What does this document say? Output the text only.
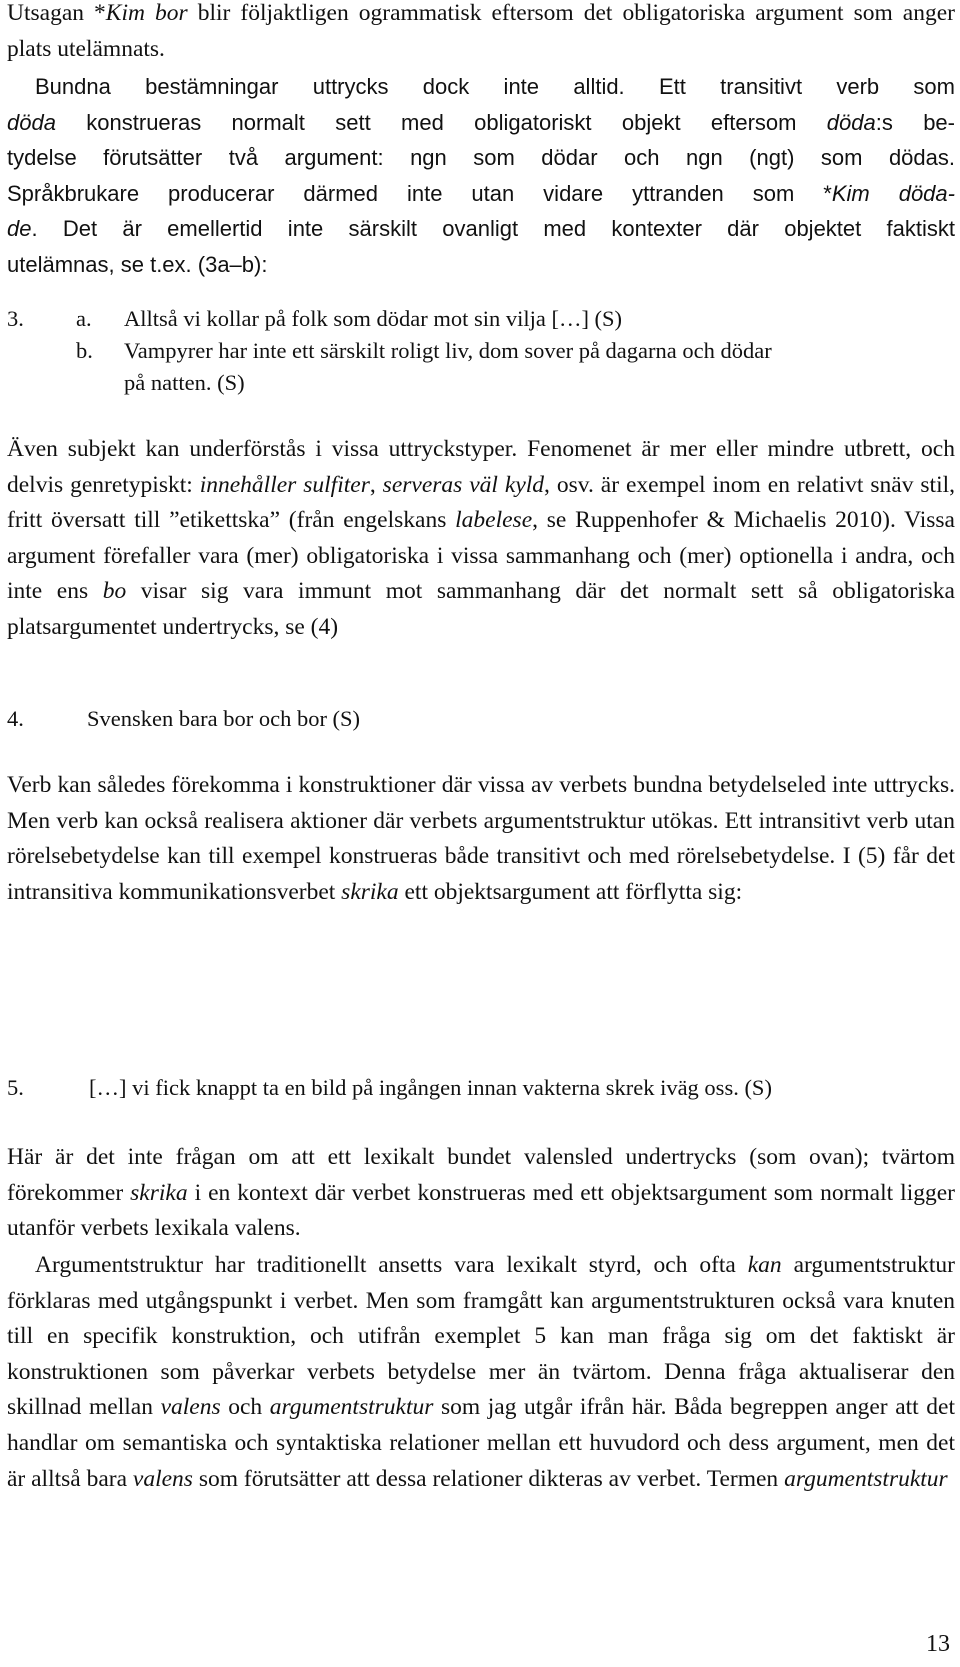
Utsagan *Kim bor blir följaktligen ogrammatisk eftersom det obligatoriska argument som anger plats utelämnats.

Bundna bestämningar uttrycks dock inte alltid. Ett transitivt verb som
döda konstrueras normalt sett med obligatoriskt objekt eftersom döda:s be-
tydelse förutsätter två argument: ngn som dödar och ngn (ngt) som dödas.
Språkbrukare producerar därmed inte utan vidare yttranden som *Kim döda-
de. Det är emellertid inte särskilt ovanligt med kontexter där objektet faktiskt
utelämnas, se t.ex. (3a–b):
3. a. Alltså vi kollar på folk som dödar mot sin vilja […] (S)
b. Vampyrer har inte ett särskilt roligt liv, dom sover på dagarna och dödar
på natten. (S)

Även subjekt kan underförstås i vissa uttryckstyper. Fenomenet är mer eller mindre utbrett, och delvis genretypiskt: innehåller sulfiter, serveras väl kyld, osv. är exempel inom en relativt snäv stil, fritt översatt till ”etikettska” (från engelskans labelese, se Ruppenhofer & Michaelis 2010). Vissa argument förefaller vara (mer) obligatoriska i vissa sammanhang och (mer) optionella i andra, och inte ens bo visar sig vara immunt mot sammanhang där det normalt sett så obligatoriska platsargumentet undertrycks, se (4)

4.	Svensken bara bor och bor (S)

Verb kan således förekomma i konstruktioner där vissa av verbets bundna betydelseled inte uttrycks. Men verb kan också realisera aktioner där verbets argumentstruktur utökas. Ett intransitivt verb utan rörelsebetydelse kan till exempel konstrueras både transitivt och med rörelsebetydelse. I (5) får det intransitiva kommunikationsverbet skrika ett objektsargument att förflytta sig:

5.	[…] vi fick knappt ta en bild på ingången innan vakterna skrek iväg oss. (S)

Här är det inte frågan om att ett lexikalt bundet valensled undertrycks (som ovan); tvärtom förekommer skrika i en kontext där verbet konstrueras med ett objektsargument som normalt ligger utanför verbets lexikala valens.

Argumentstruktur har traditionellt ansetts vara lexikalt styrd, och ofta kan argumentstruktur förklaras med utgångspunkt i verbet. Men som framgått kan argumentstrukturen också vara knuten till en specifik konstruktion, och utifrån exemplet 5 kan man fråga sig om det faktiskt är konstruktionen som påverkar verbets betydelse mer än tvärtom. Denna fråga aktualiserar den skillnad mellan valens och argumentstruktur som jag utgår ifrån här. Båda begreppen anger att det handlar om semantiska och syntaktiska relationer mellan ett huvudord och dess argument, men det är alltså bara valens som förutsätter att dessa relationer dikteras av verbet. Termen argumentstruktur

13
